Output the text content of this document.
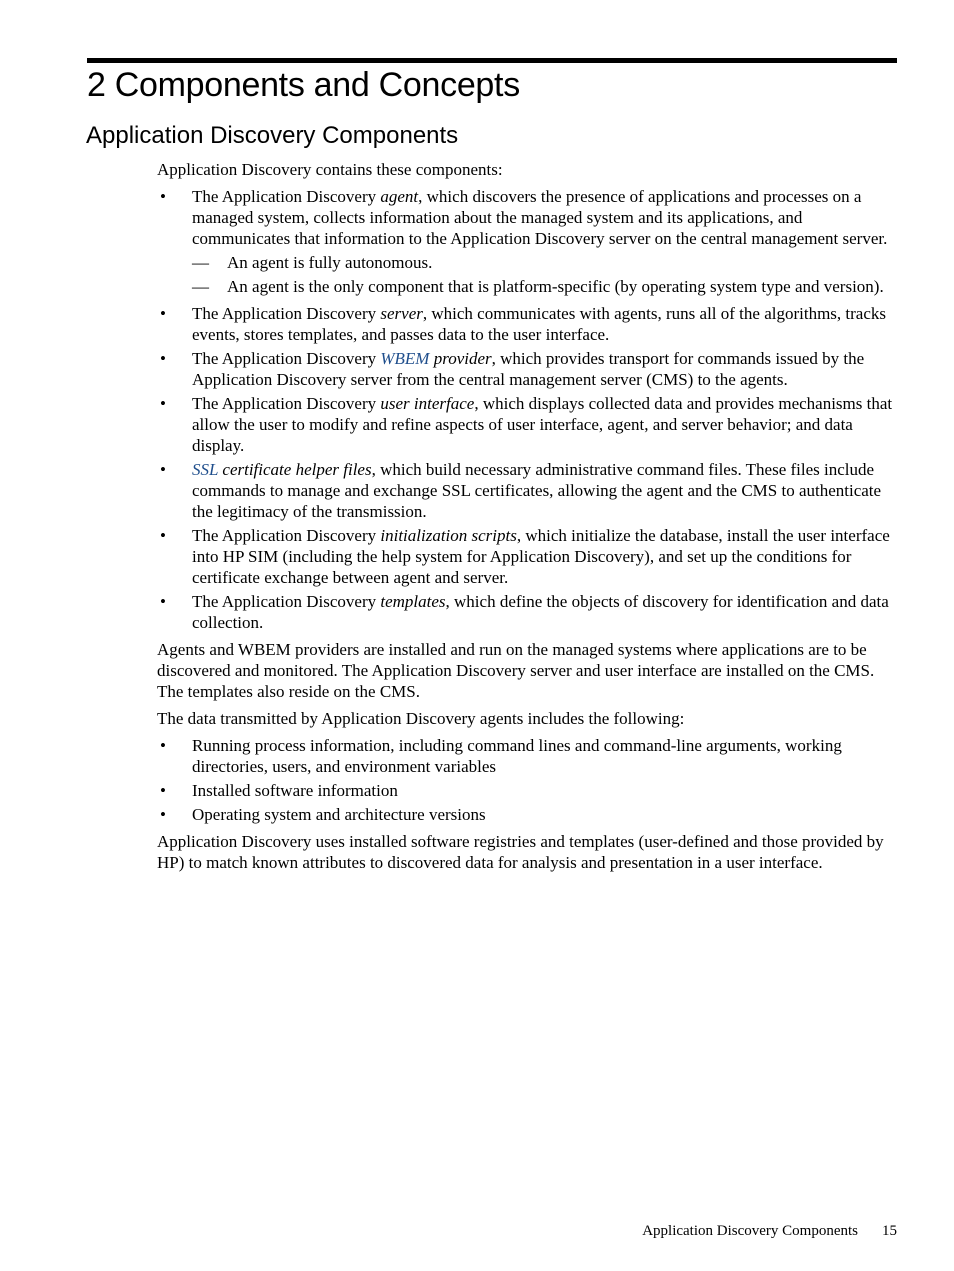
2 Components and Concepts
Application Discovery Components

Application Discovery contains these components:

• The Application Discovery agent, which discovers the presence of applications and processes on a managed system, collects information about the managed system and its applications, and communicates that information to the Application Discovery server on the central management server.
— An agent is fully autonomous.
— An agent is the only component that is platform-specific (by operating system type and version).
• The Application Discovery server, which communicates with agents, runs all of the algorithms, tracks events, stores templates, and passes data to the user interface.
• The Application Discovery WBEM provider, which provides transport for commands issued by the Application Discovery server from the central management server (CMS) to the agents.
• The Application Discovery user interface, which displays collected data and provides mechanisms that allow the user to modify and refine aspects of user interface, agent, and server behavior; and data display.
• SSL certificate helper files, which build necessary administrative command files. These files include commands to manage and exchange SSL certificates, allowing the agent and the CMS to authenticate the legitimacy of the transmission.
• The Application Discovery initialization scripts, which initialize the database, install the user interface into HP SIM (including the help system for Application Discovery), and set up the conditions for certificate exchange between agent and server.
• The Application Discovery templates, which define the objects of discovery for identification and data collection.

Agents and WBEM providers are installed and run on the managed systems where applications are to be discovered and monitored. The Application Discovery server and user interface are installed on the CMS. The templates also reside on the CMS.

The data transmitted by Application Discovery agents includes the following:

• Running process information, including command lines and command-line arguments, working directories, users, and environment variables
• Installed software information
• Operating system and architecture versions

Application Discovery uses installed software registries and templates (user-defined and those provided by HP) to match known attributes to discovered data for analysis and presentation in a user interface.

Application Discovery Components 15
